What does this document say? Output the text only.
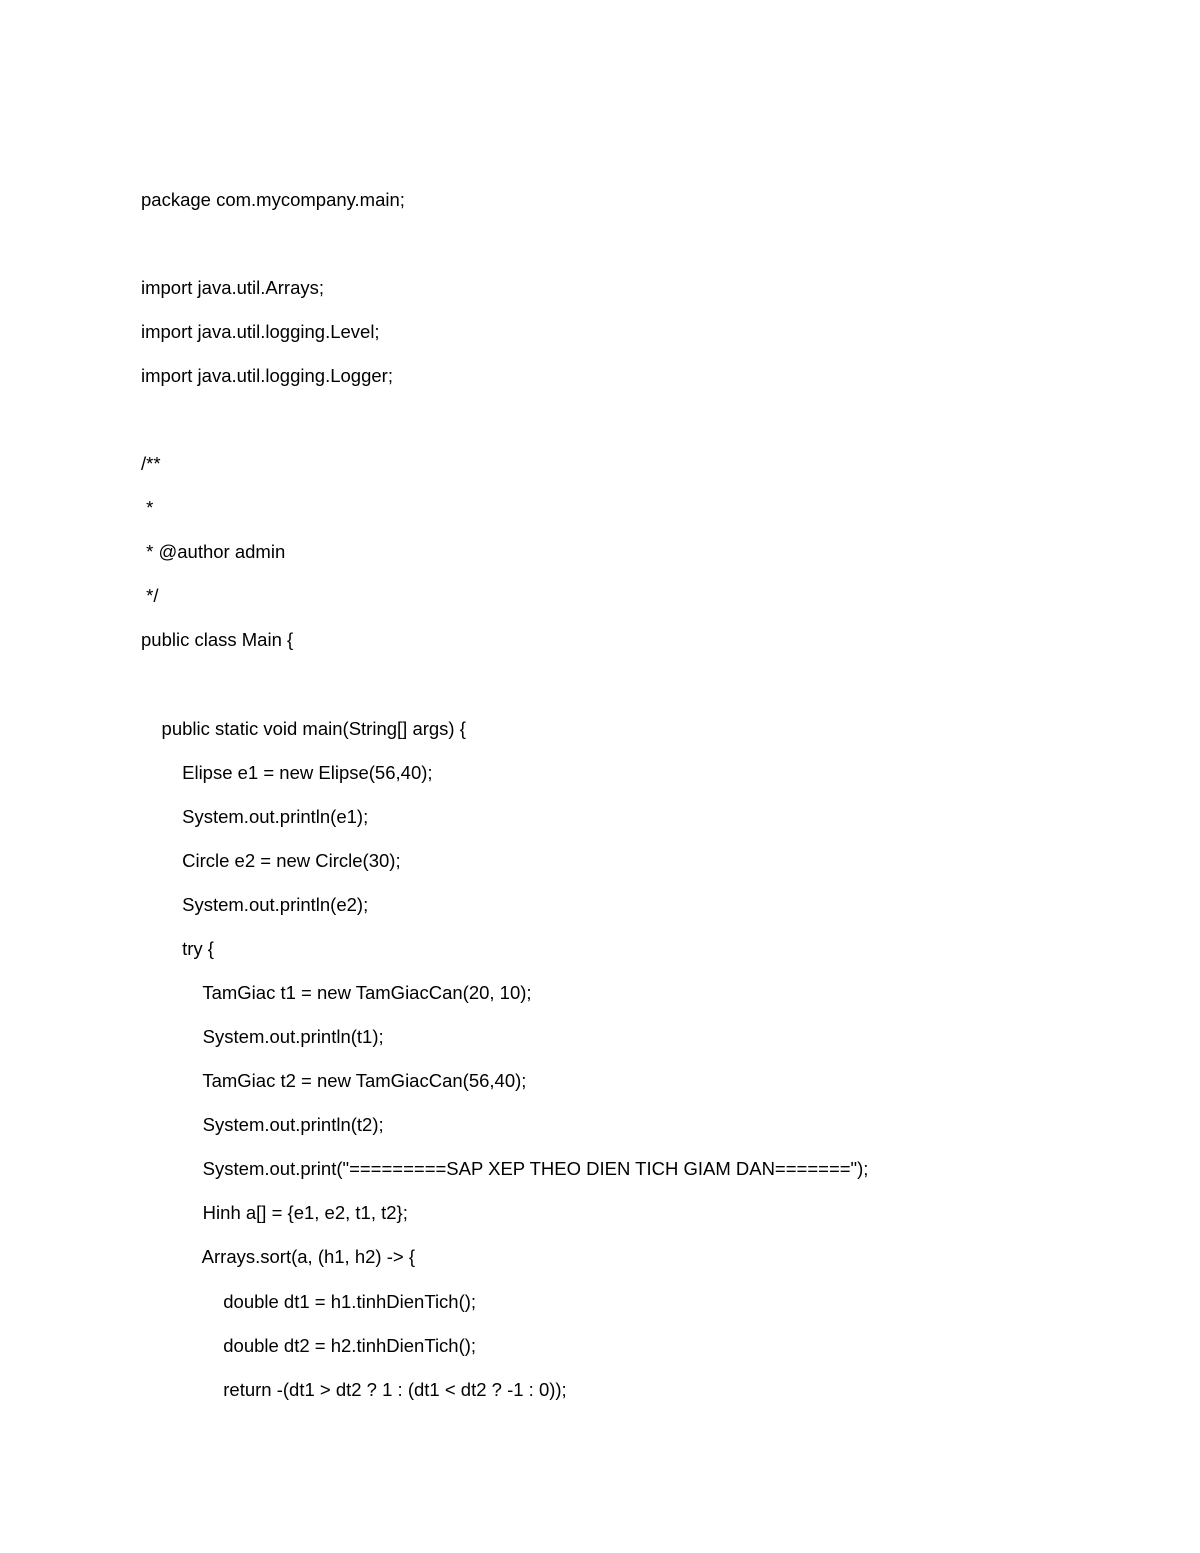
package com.mycompany.main;
import java.util.Arrays;
import java.util.logging.Level;
import java.util.logging.Logger;
/**
*
* @author admin
*/
public class Main {
public static void main(String[] args) {
Elipse e1 = new Elipse(56,40);
System.out.println(e1);
Circle e2 = new Circle(30);
System.out.println(e2);
try {
TamGiac t1 = new TamGiacCan(20, 10);
System.out.println(t1);
TamGiac t2 = new TamGiacCan(56,40);
System.out.println(t2);
System.out.print("=========SAP XEP THEO DIEN TICH GIAM DAN=======");
Hinh a[] = {e1, e2, t1, t2};
Arrays.sort(a, (h1, h2) -> {
double dt1 = h1.tinhDienTich();
double dt2 = h2.tinhDienTich();
return -(dt1 > dt2 ? 1 : (dt1 < dt2 ? -1 : 0));
